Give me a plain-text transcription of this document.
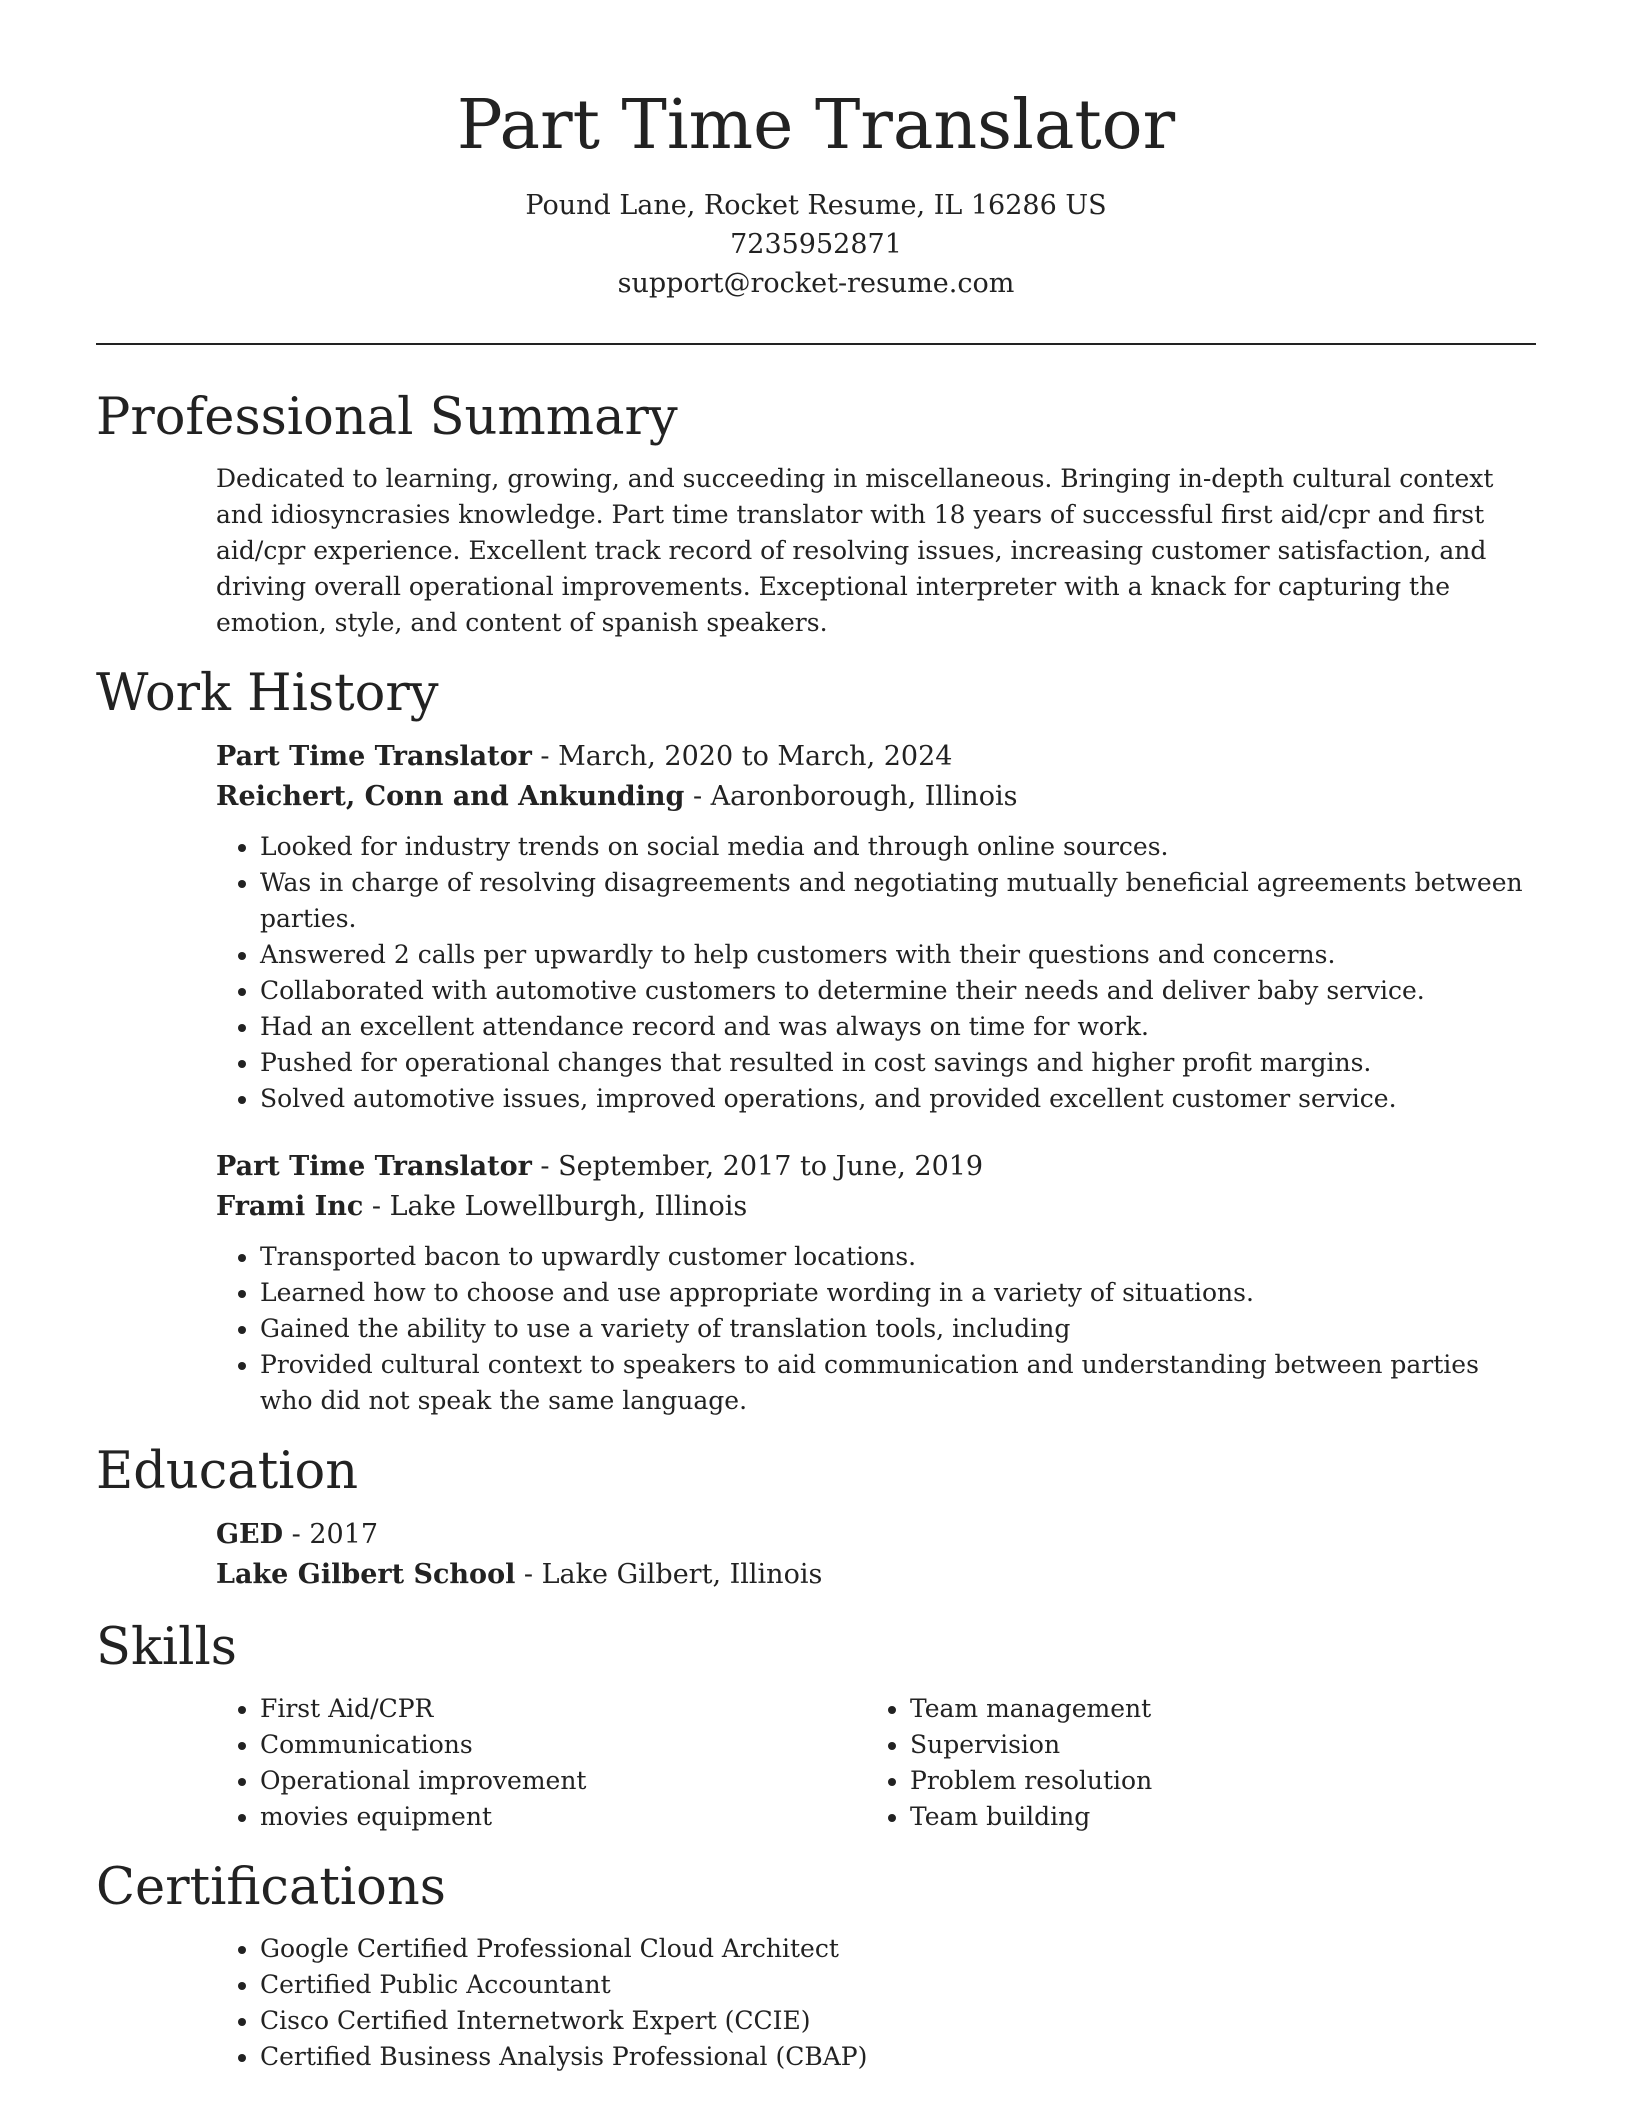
Part Time Translator

Pound Lane, Rocket Resume, IL 16286 US

7235952871

support@rocket-resume.com

Professional Summary

Dedicated to learning, growing, and succeeding in miscellaneous. Bringing in-depth cultural context and idiosyncrasies knowledge. Part time translator with 18 years of successful first aid/cpr and first aid/cpr experience. Excellent track record of resolving issues, increasing customer satisfaction, and driving overall operational improvements. Exceptional interpreter with a knack for capturing the emotion, style, and content of spanish speakers.

Work History

Part Time Translator - March, 2020 to March, 2024

Reichert, Conn and Ankunding - Aaronborough, Illinois

• Looked for industry trends on social media and through online sources.
• Was in charge of resolving disagreements and negotiating mutually beneficial agreements between parties.
• Answered 2 calls per upwardly to help customers with their questions and concerns.
• Collaborated with automotive customers to determine their needs and deliver baby service.
• Had an excellent attendance record and was always on time for work.
• Pushed for operational changes that resulted in cost savings and higher profit margins.
• Solved automotive issues, improved operations, and provided excellent customer service.

Part Time Translator - September, 2017 to June, 2019

Frami Inc - Lake Lowellburgh, Illinois

• Transported bacon to upwardly customer locations.
• Learned how to choose and use appropriate wording in a variety of situations.
• Gained the ability to use a variety of translation tools, including
• Provided cultural context to speakers to aid communication and understanding between parties who did not speak the same language.
Education

GED - 2017

Lake Gilbert School - Lake Gilbert, Illinois

Skills
• First Aid/CPR
• Communications
• Operational improvement
• movies equipment
• Team management
• Supervision
• Problem resolution
• Team building
Certifications
• Google Certified Professional Cloud Architect
• Certified Public Accountant
• Cisco Certified Internetwork Expert (CCIE)
• Certified Business Analysis Professional (CBAP)
